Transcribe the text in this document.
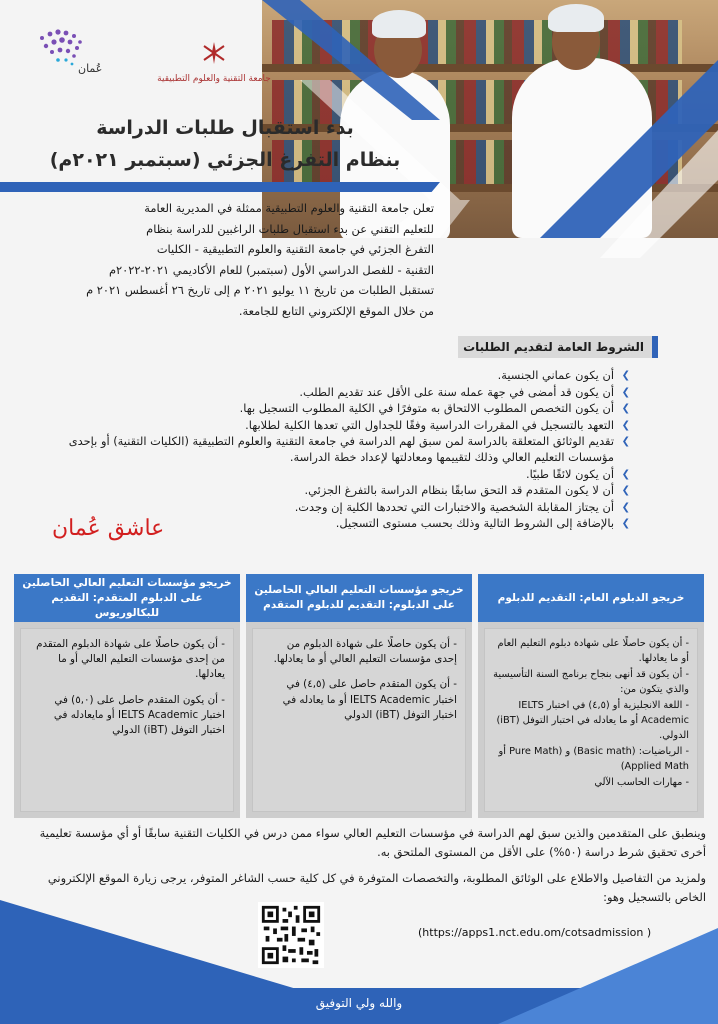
عُمان
جامعة التقنية والعلوم التطبيقية
بدء استقبال طلبات الدراسة
بنظام التفرغ الجزئي (سبتمبر ٢٠٢١م)
تعلن جامعة التقنية والعلوم التطبيقية ممثلة في المديرية العامة
للتعليم التقني عن بدء استقبال طلبات الراغبين للدراسة بنظام
التفرغ الجزئي في جامعة التقنية والعلوم التطبيقية - الكليات
التقنية - للفصل الدراسي الأول (سبتمبر) للعام الأكاديمي ٢٠٢١-٢٠٢٢م
تستقبل الطلبات من تاريخ ١١ يوليو ٢٠٢١ م إلى تاريخ ٢٦ أغسطس ٢٠٢١ م
من خلال الموقع الإلكتروني التابع للجامعة.
الشروط العامة لتقديم الطلبات
❯ أن يكون عماني الجنسية.
❯ أن يكون قد أمضى في جهة عمله سنة على الأقل عند تقديم الطلب.
❯ أن يكون التخصص المطلوب الالتحاق به متوفرًا في الكلية المطلوب التسجيل بها.
❯ التعهد بالتسجيل في المقررات الدراسية وفقًا للجداول التي تعدها الكلية لطلابها.
❯ تقديم الوثائق المتعلقة بالدراسة لمن سبق لهم الدراسة في جامعة التقنية والعلوم التطبيقية (الكليات التقنية) أو بإحدى مؤسسات التعليم العالي وذلك لتقييمها ومعادلتها لإعداد خطة الدراسة.
❯ أن يكون لائقًا طبيًا.
❯ أن لا يكون المتقدم قد التحق سابقًا بنظام الدراسة بالتفرغ الجزئي.
❯ أن يجتاز المقابلة الشخصية والاختبارات التي تحددها الكلية إن وجدت.
❯ بالإضافة إلى الشروط التالية وذلك بحسب مستوى التسجيل.
عاشق عُمان
خريجو مؤسسات التعليم العالي الحاصلين على الدبلوم المتقدم: التقديم للبكالوريوس

- أن يكون حاصلًا على شهادة الدبلوم المتقدم من إحدى مؤسسات التعليم العالي أو ما يعادلها.

- أن يكون المتقدم حاصل على (٥,٠) في اختبار IELTS Academic أو مايعادله في اختبار التوفل (iBT) الدولي

خريجو مؤسسات التعليم العالي الحاصلين على الدبلوم: التقديم للدبلوم المتقدم

- أن يكون حاصلًا على شهادة الدبلوم من إحدى مؤسسات التعليم العالي أو ما يعادلها.

- أن يكون المتقدم حاصل على (٤,٥) في اختبار IELTS Academic أو ما يعادله في اختبار التوفل (iBT) الدولي

خريجو الدبلوم العام: التقديم للدبلوم

- أن يكون حاصلًا على شهادة دبلوم التعليم العام أو ما يعادلها.

- أن يكون قد أنهى بنجاح برنامج السنة التأسيسية والذي يتكون من:

- اللغة الانجليزية أو (٤,٥) في اختبار IELTS Academic أو ما يعادله في اختبار التوفل (iBT) الدولي.

- الرياضيات: (Basic math) و (Pure Math أو Applied Math)

- مهارات الحاسب الآلي

وينطبق على المتقدمين والذين سبق لهم الدراسة في مؤسسات التعليم العالي سواء ممن درس في الكليات التقنية سابقًا أو أي مؤسسة تعليمية أخرى تحقيق شرط دراسة (٥٠%) على الأقل من المستوى الملتحق به.

ولمزيد من التفاصيل والاطلاع على الوثائق المطلوبة، والتخصصات المتوفرة في كل كلية حسب الشاغر المتوفر، يرجى زيارة الموقع الإلكتروني الخاص بالتسجيل وهو:

(https://apps1.nct.edu.om/cotsadmission )
والله ولي التوفيق
